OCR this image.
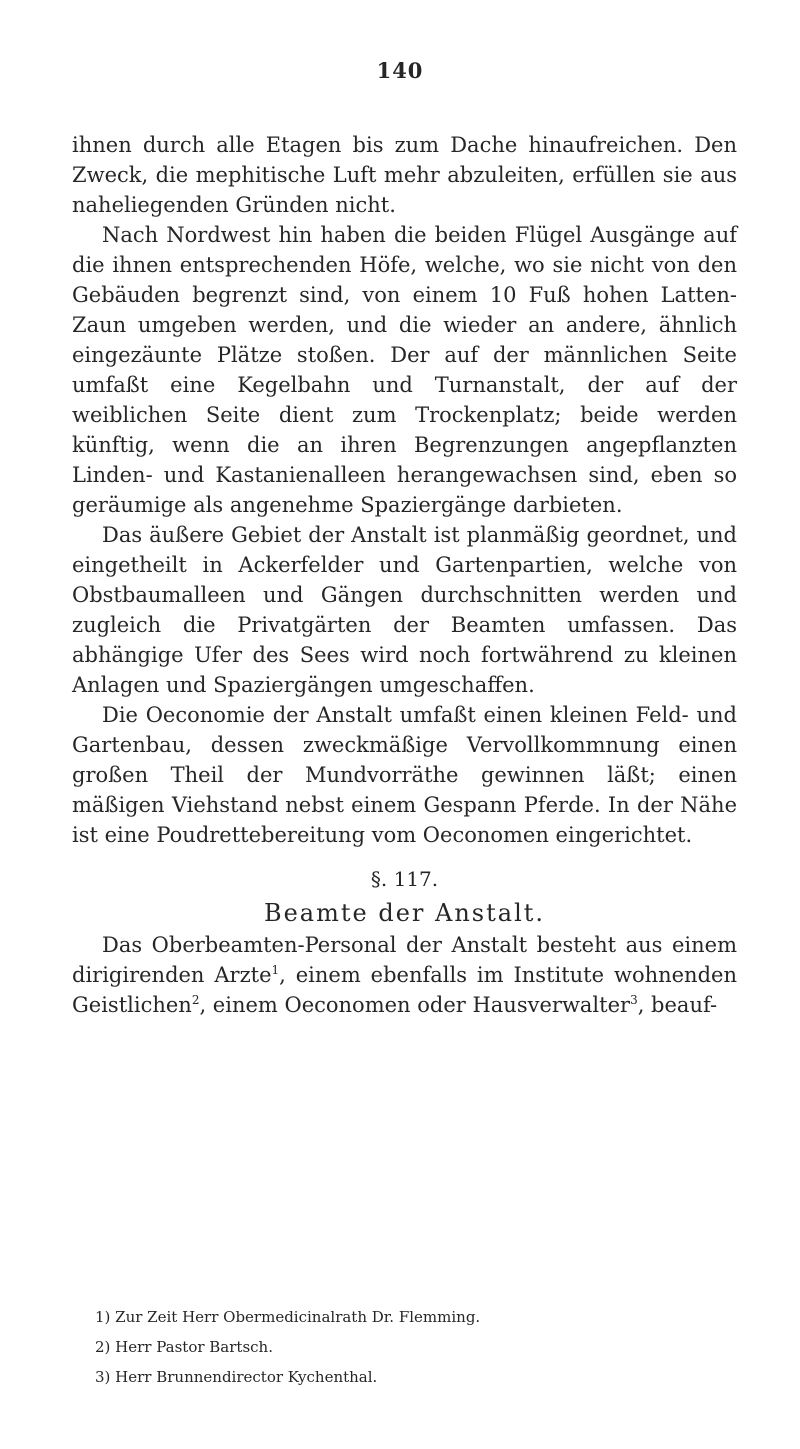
140

ihnen durch alle Etagen bis zum Dache hinaufreichen. Den Zweck, die mephitische Luft mehr abzuleiten, erfüllen sie aus naheliegenden Gründen nicht.

Nach Nordwest hin haben die beiden Flügel Ausgänge auf die ihnen entsprechenden Höfe, welche, wo sie nicht von den Gebäuden begrenzt sind, von einem 10 Fuß hohen Latten-Zaun umgeben werden, und die wieder an andere, ähnlich eingezäunte Plätze stoßen. Der auf der männlichen Seite umfaßt eine Kegelbahn und Turnanstalt, der auf der weiblichen Seite dient zum Trockenplatz; beide werden künftig, wenn die an ihren Begrenzungen angepflanzten Linden- und Kastanienalleen herangewachsen sind, eben so geräumige als angenehme Spaziergänge darbieten.

Das äußere Gebiet der Anstalt ist planmäßig geordnet, und eingetheilt in Ackerfelder und Gartenpartien, welche von Obstbaumalleen und Gängen durchschnitten werden und zugleich die Privatgärten der Beamten umfassen. Das abhängige Ufer des Sees wird noch fortwährend zu kleinen Anlagen und Spaziergängen umgeschaffen.

Die Oeconomie der Anstalt umfaßt einen kleinen Feld- und Gartenbau, dessen zweckmäßige Vervollkommnung einen großen Theil der Mundvorräthe gewinnen läßt; einen mäßigen Viehstand nebst einem Gespann Pferde. In der Nähe ist eine Poudrettebereitung vom Oeconomen eingerichtet.

§. 117.
Beamte der Anstalt.

Das Oberbeamten-Personal der Anstalt besteht aus einem dirigirenden Arzte$^1$, einem ebenfalls im Institute wohnenden Geistlichen$^2$, einem Oeconomen oder Hausverwalter$^3$, beauf-

1) Zur Zeit Herr Obermedicinalrath Dr. Flemming.

2) Herr Pastor Bartsch.

3) Herr Brunnendirector Kychenthal.
